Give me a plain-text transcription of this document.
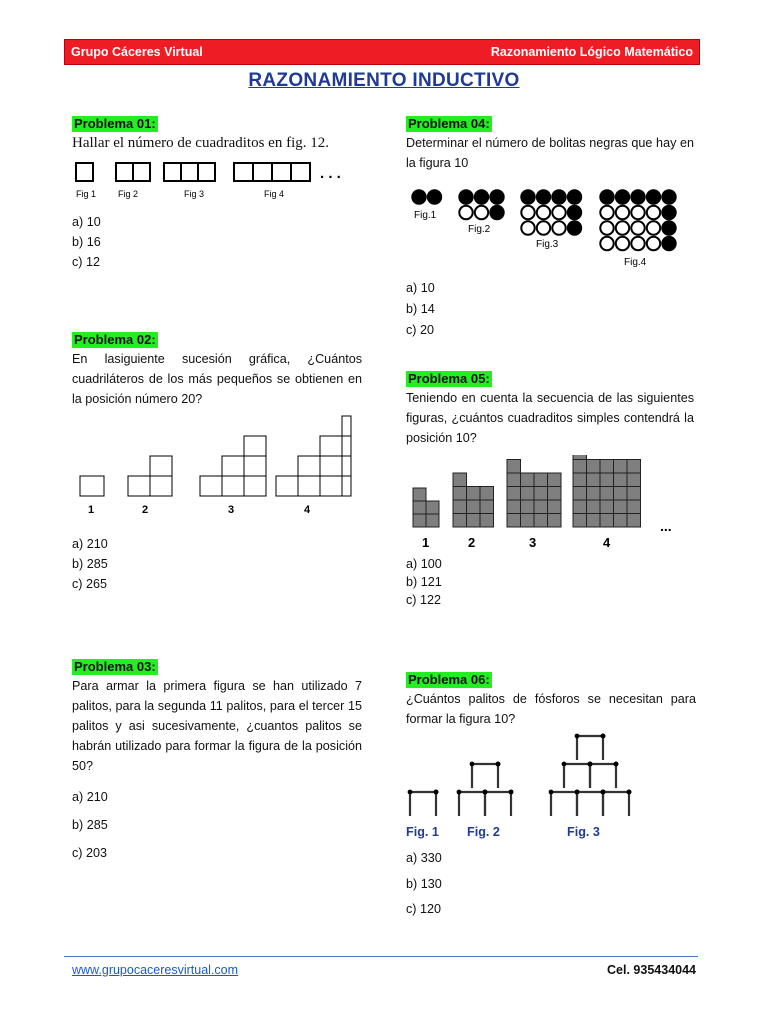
Grupo Cáceres Virtual	Razonamiento Lógico Matemático
RAZONAMIENTO INDUCTIVO
Problema 01:
Hallar el número de cuadraditos en fig. 12.
Fig 1 Fig 2	Fig 3	Fig 4
. . .
a) 10
b) 16
c) 12
Problema 02:
En lasiguiente sucesión gráfica, ¿Cuántos cuadriláteros de los más pequeños se obtienen en la posición número 20?
1	2	3	4
a) 210
b) 285
c) 265
Problema 03:
Para armar la primera figura se han utilizado 7 palitos, para la segunda 11 palitos, para el tercer 15 palitos y asi sucesivamente, ¿cuantos palitos se habrán utilizado para formar la figura de la posición 50?
a) 210
b) 285
c) 203
Problema 04:
Determinar el número de bolitas negras que hay en la figura 10
Fig.1
Fig.2
Fig.3
Fig.4
a) 10
b) 14
c) 20
Problema 05:
Teniendo en cuenta la secuencia de las siguientes figuras, ¿cuántos cuadraditos simples contendrá la posición 10?
1	2	3	4
...
a) 100
b) 121
c) 122
Problema 06:
¿Cuántos palitos de fósforos se necesitan para formar la figura 10?
Fig. 1 Fig. 2	Fig. 3
a) 330
b) 130
c) 120
www.grupocaceresvirtual.com	Cel. 935434044
